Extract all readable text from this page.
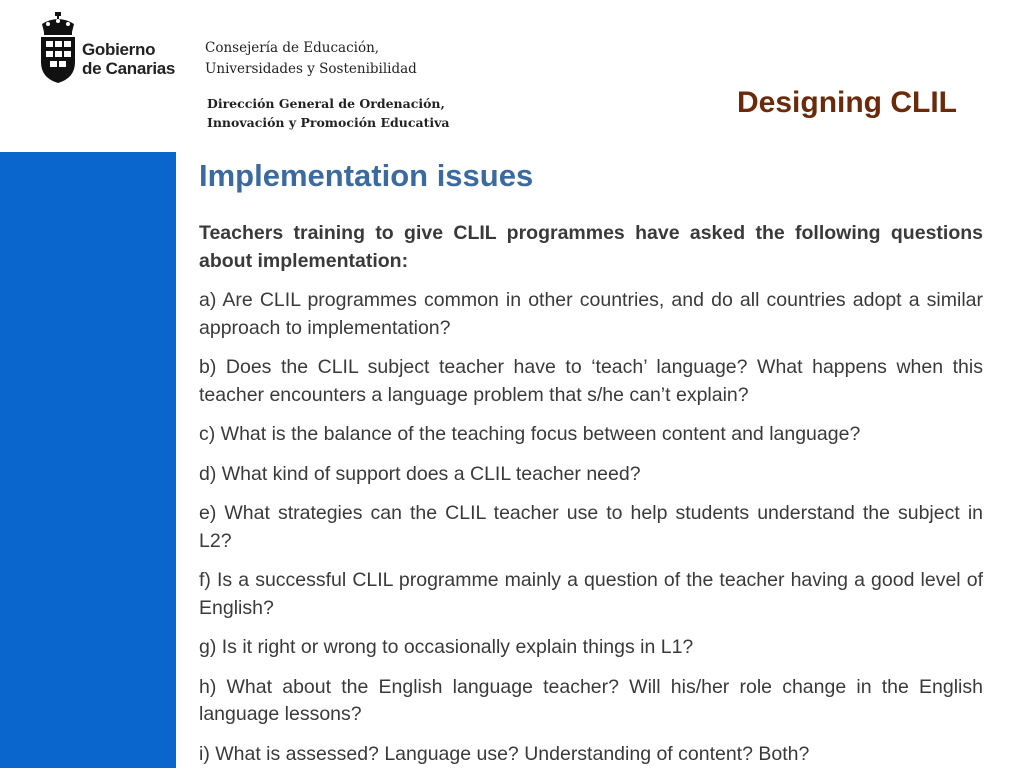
Gobierno
de Canarias
Consejería de Educación,
Universidades y Sostenibilidad
Dirección General de Ordenación,
Innovación y Promoción Educativa
Designing CLIL
Implementation issues

Teachers training to give CLIL programmes have asked the following questions about implementation:

a) Are CLIL programmes common in other countries, and do all countries adopt a similar approach to implementation?

b) Does the CLIL subject teacher have to ‘teach’ language? What happens when this teacher encounters a language problem that s/he can’t explain?

c) What is the balance of the teaching focus between content and language?

d) What kind of support does a CLIL teacher need?

e) What strategies can the CLIL teacher use to help students understand the subject in L2?

f) Is a successful CLIL programme mainly a question of the teacher having a good level of English?

g) Is it right or wrong to occasionally explain things in L1?

h) What about the English language teacher? Will his/her role change in the English language lessons?

i) What is assessed? Language use? Understanding of content? Both?
